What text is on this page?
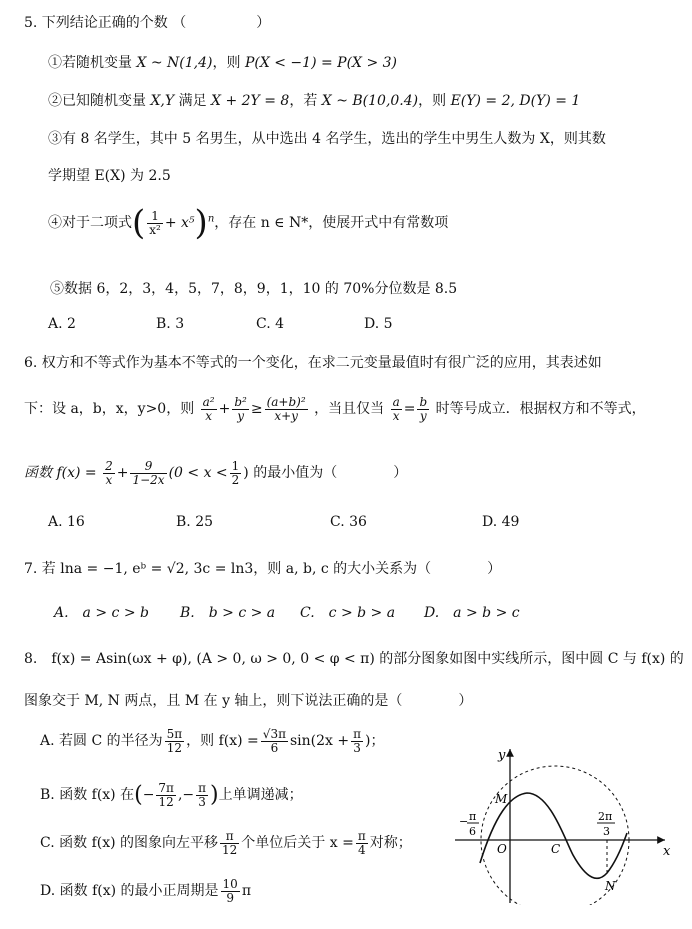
5. 下列结论正确的个数 （　　　　　）
①若随机变量 X ~ N(1,4)，则 P(X < −1) = P(X > 3)
②已知随机变量 X,Y 满足 X + 2Y = 8，若 X ~ B(10,0.4)，则 E(Y) = 2, D(Y) = 1
③有 8 名学生，其中 5 名男生，从中选出 4 名学生，选出的学生中男生人数为 X，则其数
学期望 E(X) 为 2.5
④对于二项式( $\frac{1}{\text{x²}} + x^5)^n$，存在 n ∈ N*，使展开式中有常数项
⑤数据 6，2，3，4，5，7，8，9，1，10 的 70%分位数是 8.5
A. 2	B. 3	C. 4	D. 5
6. 权方和不等式作为基本不等式的一个变化，在求二元变量最值时有很广泛的应用，其表述如
下：设 a，b，x，y>0，则 $\frac{\text{a²}}{x} + \frac{\text{b²}}{y} \ge \frac{\text{(a+b)²}}{x+y}$ ，当且仅当 $\frac{a}{x} = \frac{b}{y}$ 时等号成立．根据权方和不等式，
函数 $f(x) = \frac{2}{x} + \frac{9}{1-2x} (0 < x < \frac{1}{2}$ ) 的最小值为（　　　　）
A. 16	B. 25	C. 36	D. 49
7. 若 lna = −1, eᵇ = √2, 3c = ln3，则 a, b, c 的大小关系为（　　　　）
A.　a > c > b B.　b > c > a C.　c > b > a D.　a > b > c
8.　f(x) = Asin(ωx + φ), (A > 0, ω > 0, 0 < φ < π) 的部分图象如图中实线所示，图中圆 C 与 f(x) 的
图象交于 M, N 两点，且 M 在 y 轴上，则下说法正确的是（　　　　）
A. 若圆 C 的半径为 $\frac{5\pi}{12}$ ，则 $f(x) = \frac{√3\pi}{6} \sin(2x + \frac{\pi}{3}$ )；
B. 函数 f(x) 在(− $\frac{7\pi}{12}$ ,− $\frac{\pi}{3}$ )上单调递减；
C. 函数 f(x) 的图象向左平移 $\frac{\pi}{12}$ 个单位后关于 $x = \frac{\pi}{4}$ 对称；
D. 函数 f(x) 的最小正周期是 $\frac{10}{9}$ π
y
x
O
M
N
C
− π
6
2π
3
